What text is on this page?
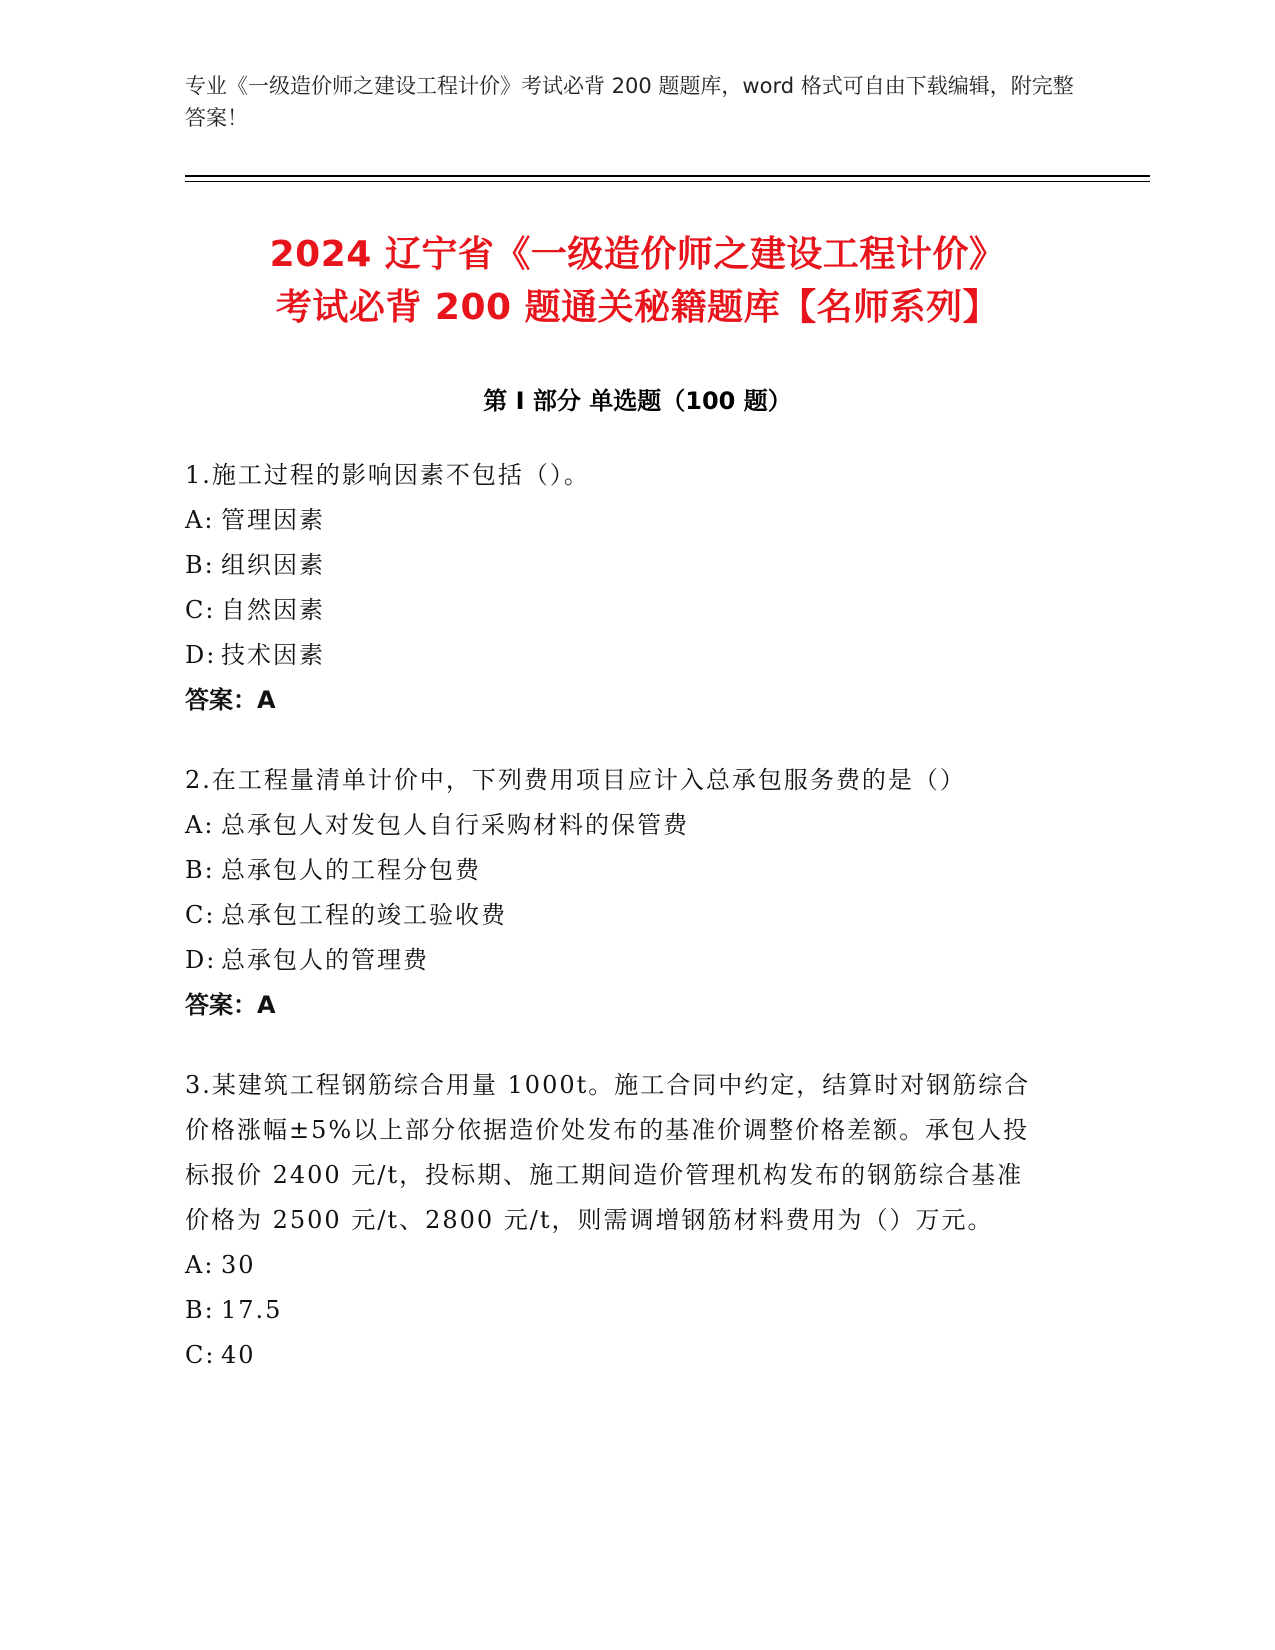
专业《一级造价师之建设工程计价》考试必背 200 题题库，word 格式可自由下载编辑，附完整答案！
2024 辽宁省《一级造价师之建设工程计价》
考试必背 200 题通关秘籍题库【名师系列】
第 I 部分 单选题（100 题）

1.施工过程的影响因素不包括（）。

A: 管理因素

B: 组织因素

C: 自然因素

D: 技术因素

答案：A

2.在工程量清单计价中，下列费用项目应计入总承包服务费的是（）

A: 总承包人对发包人自行采购材料的保管费

B: 总承包人的工程分包费

C: 总承包工程的竣工验收费

D: 总承包人的管理费

答案：A

3.某建筑工程钢筋综合用量 1000t。施工合同中约定，结算时对钢筋综合价格涨幅±5%以上部分依据造价处发布的基准价调整价格差额。承包人投标报价 2400 元/t，投标期、施工期间造价管理机构发布的钢筋综合基准价格为 2500 元/t、2800 元/t，则需调增钢筋材料费用为（）万元。

A: 30

B: 17.5

C: 40
